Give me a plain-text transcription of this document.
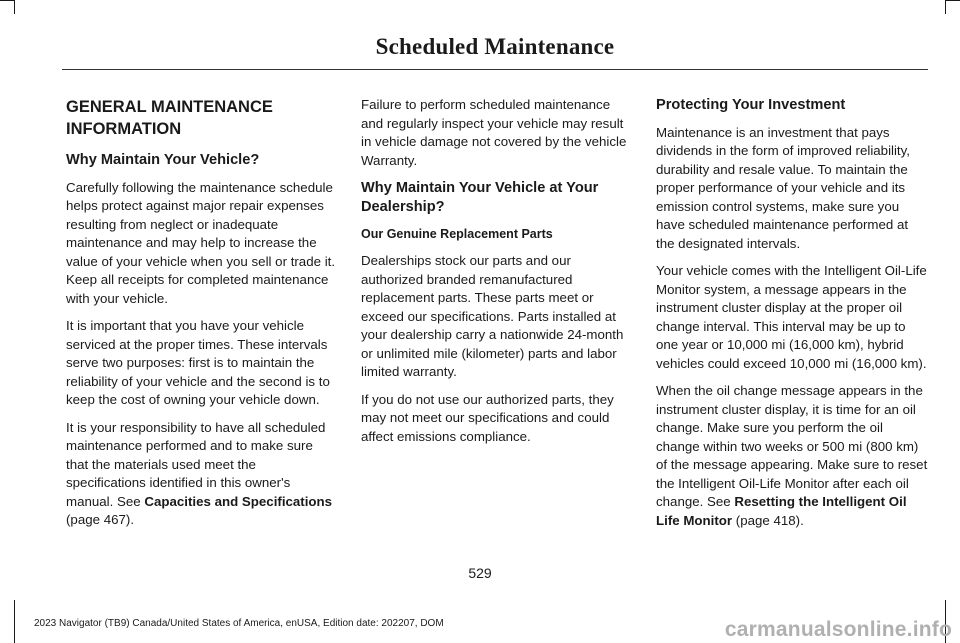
Scheduled Maintenance
GENERAL MAINTENANCE
INFORMATION
Why Maintain Your Vehicle?

Carefully following the maintenance schedule helps protect against major repair expenses resulting from neglect or inadequate maintenance and may help to increase the value of your vehicle when you sell or trade it. Keep all receipts for completed maintenance with your vehicle.

It is important that you have your vehicle serviced at the proper times. These intervals serve two purposes: first is to maintain the reliability of your vehicle and the second is to keep the cost of owning your vehicle down.

It is your responsibility to have all scheduled maintenance performed and to make sure that the materials used meet the specifications identified in this owner's manual. See Capacities and Specifications (page 467).

Failure to perform scheduled maintenance and regularly inspect your vehicle may result in vehicle damage not covered by the vehicle Warranty.

Why Maintain Your Vehicle at Your Dealership?
Our Genuine Replacement Parts

Dealerships stock our parts and our authorized branded remanufactured replacement parts. These parts meet or exceed our specifications. Parts installed at your dealership carry a nationwide 24-month or unlimited mile (kilometer) parts and labor limited warranty.

If you do not use our authorized parts, they may not meet our specifications and could affect emissions compliance.

Protecting Your Investment

Maintenance is an investment that pays dividends in the form of improved reliability, durability and resale value. To maintain the proper performance of your vehicle and its emission control systems, make sure you have scheduled maintenance performed at the designated intervals.

Your vehicle comes with the Intelligent Oil-Life Monitor system, a message appears in the instrument cluster display at the proper oil change interval. This interval may be up to one year or 10,000 mi (16,000 km), hybrid vehicles could exceed 10,000 mi (16,000 km).

When the oil change message appears in the instrument cluster display, it is time for an oil change. Make sure you perform the oil change within two weeks or 500 mi (800 km) of the message appearing. Make sure to reset the Intelligent Oil-Life Monitor after each oil change. See Resetting the Intelligent Oil Life Monitor (page 418).

529
2023 Navigator (TB9) Canada/United States of America, enUSA, Edition date: 202207, DOM	carmanualsonline.info
